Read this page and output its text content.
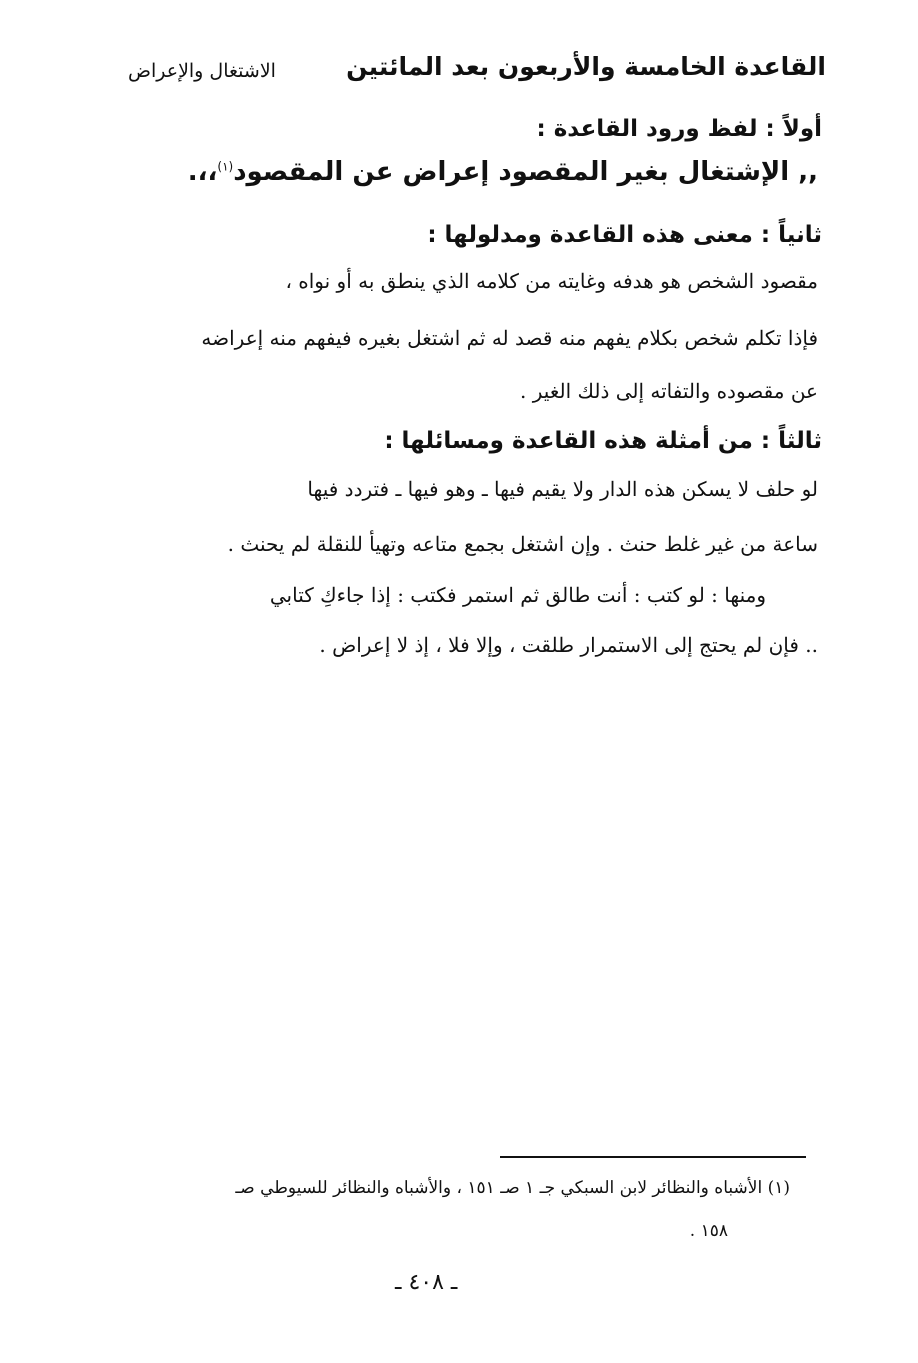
القاعدة الخامسة والأربعون بعد المائتين
الاشتغال والإعراض
أولاً : لفظ ورود القاعدة :
,, الإشتغال بغير المقصود إعراض عن المقصود$^{(١)}$،،.
ثانياً : معنى هذه القاعدة ومدلولها :
مقصود الشخص هو هدفه وغايته من كلامه الذي ينطق به أو نواه ،
فإذا تكلم شخص بكلام يفهم منه قصد له ثم اشتغل بغيره فيفهم منه إعراضه
عن مقصوده والتفاته إلى ذلك الغير .
ثالثاً : من أمثلة هذه القاعدة ومسائلها :
لو حلف لا يسكن هذه الدار ولا يقيم فيها ـ وهو فيها ـ فتردد فيها
ساعة من غير غلط حنث . وإن اشتغل بجمع متاعه وتهيأ للنقلة لم يحنث .
ومنها : لو كتب : أنت طالق ثم استمر فكتب : إذا جاءكِ كتابي
.. فإن لم يحتج إلى الاستمرار طلقت ، وإلا فلا ، إذ لا إعراض .
(١) الأشباه والنظائر لابن السبكي جـ ١ صـ ١٥١ ، والأشباه والنظائر للسيوطي صـ
١٥٨ .
ـ ٤٠٨ ـ
